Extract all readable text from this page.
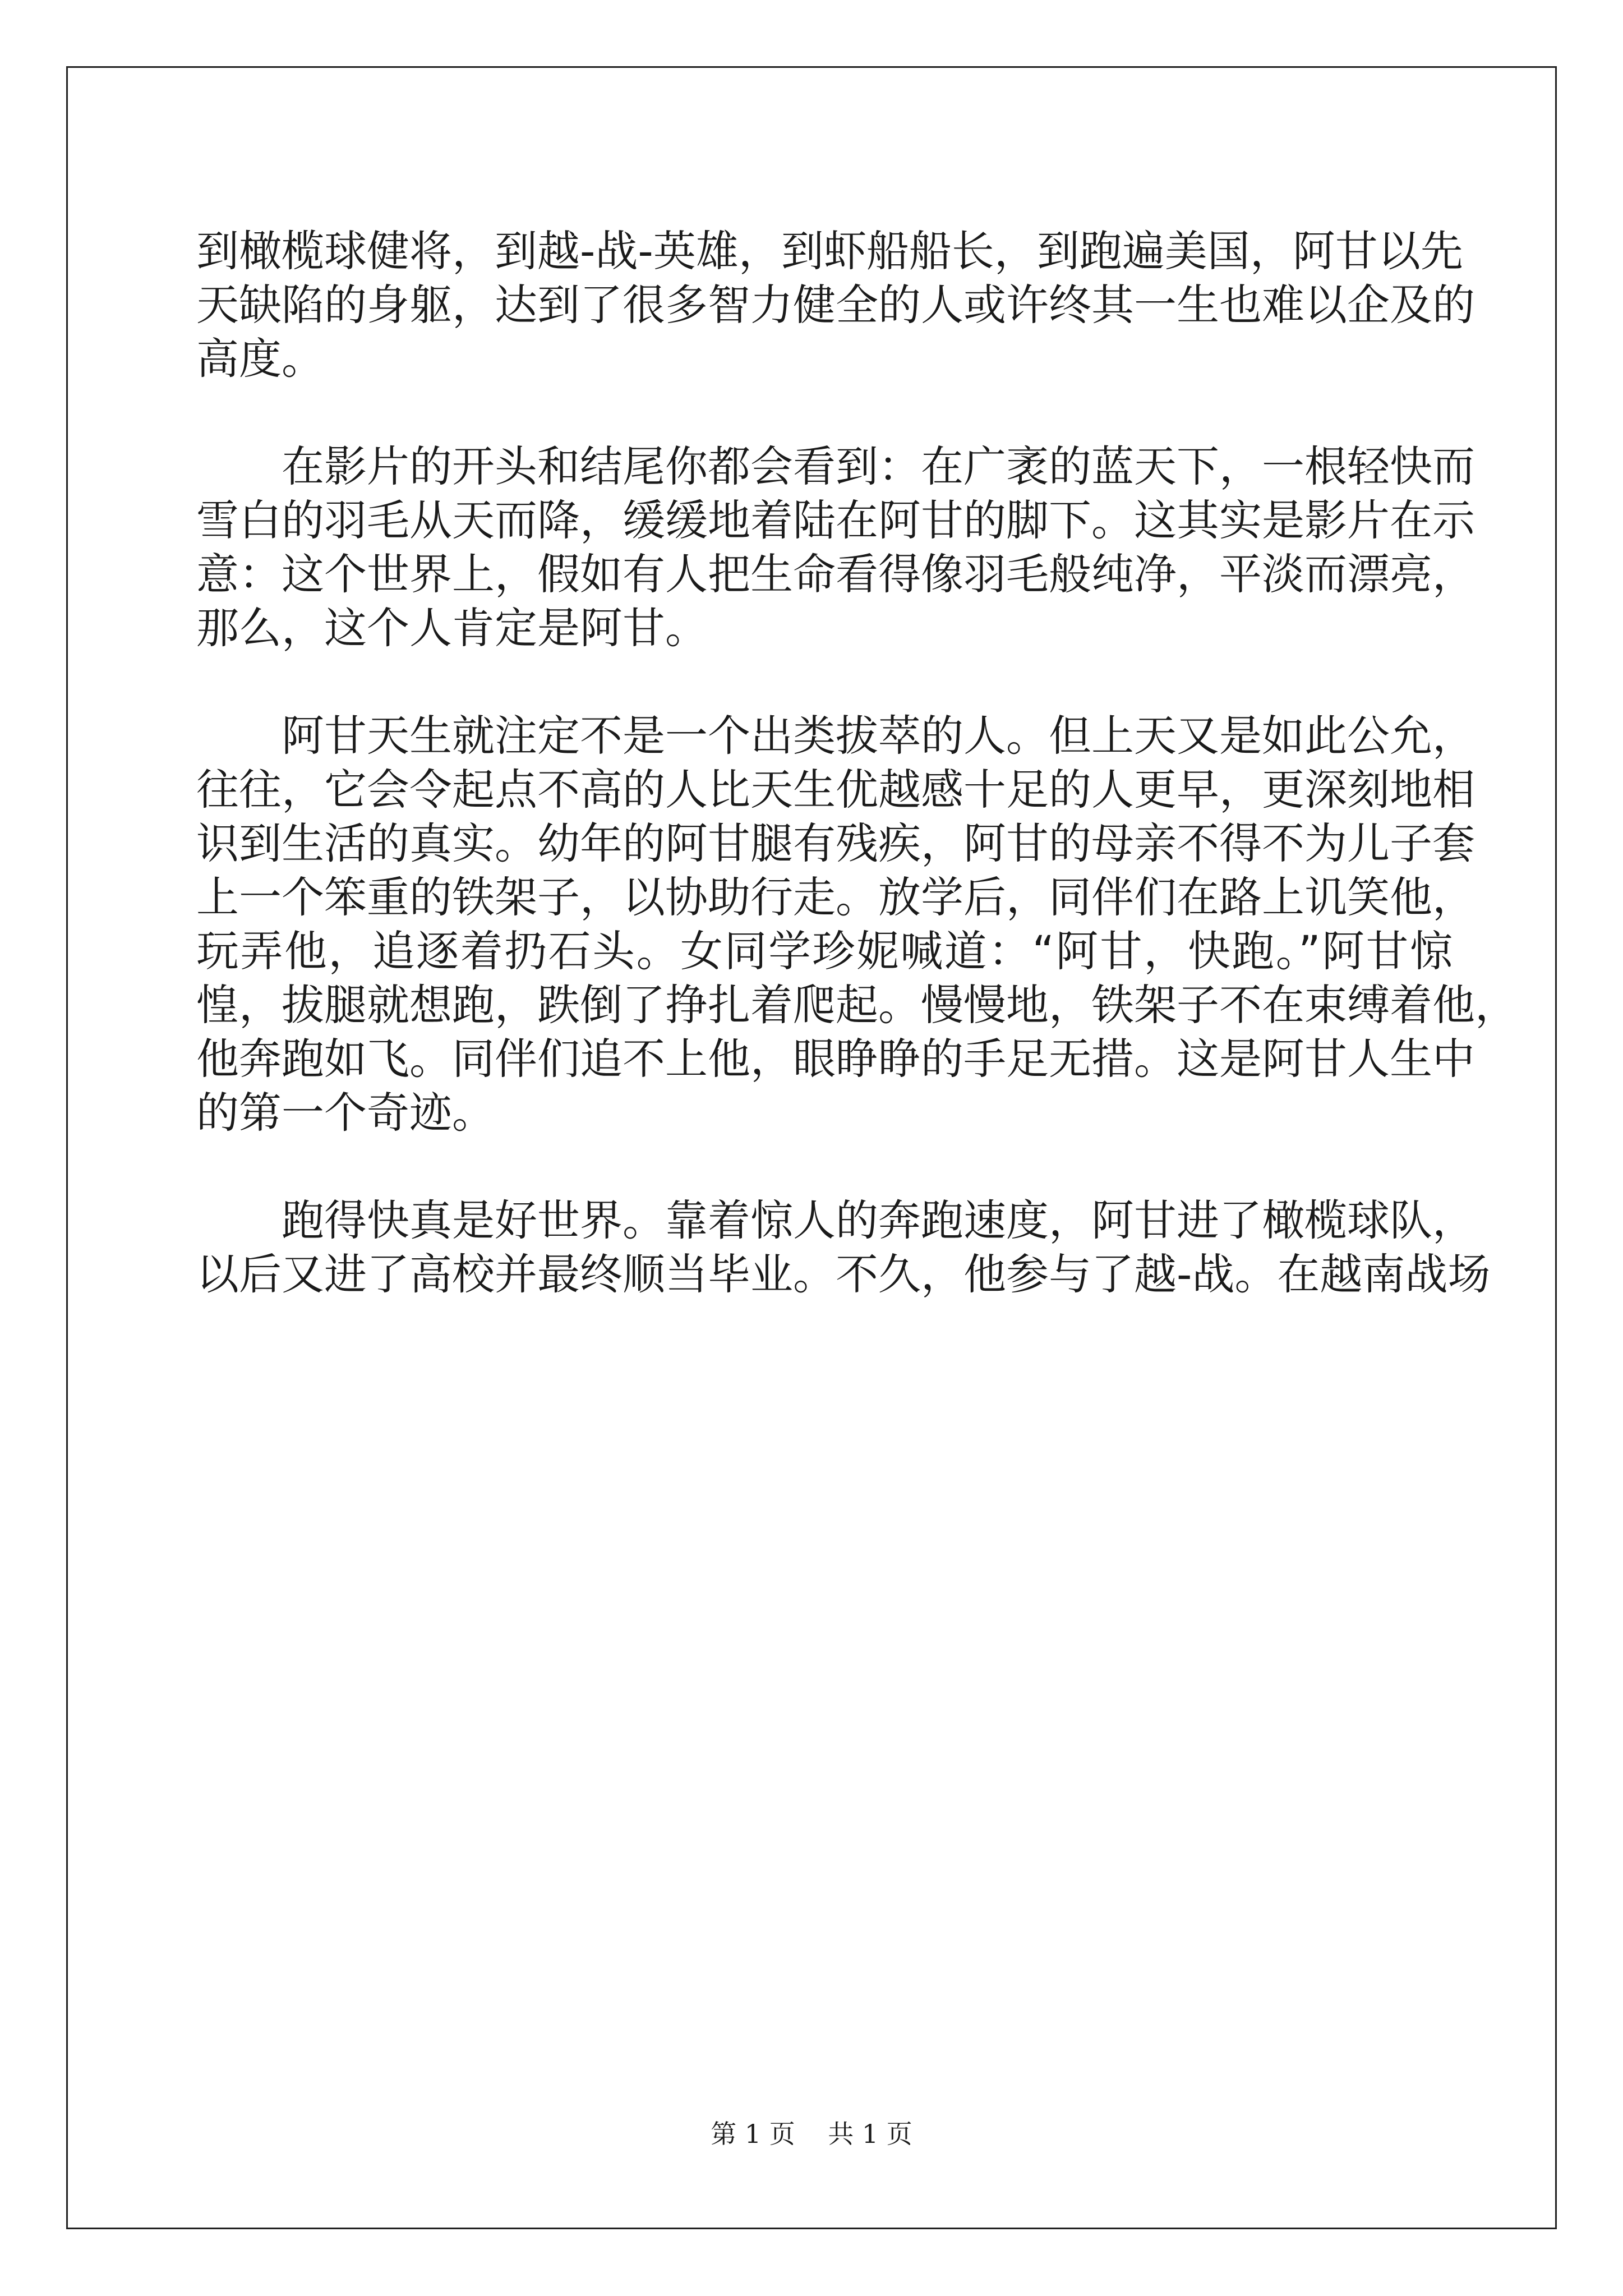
到橄榄球健将，到越-战-英雄，到虾船船长，到跑遍美国，阿甘以先
天缺陷的身躯，达到了很多智力健全的人或许终其一生也难以企及的
高度。
在影片的开头和结尾你都会看到：在广袤的蓝天下，一根轻快而
雪白的羽毛从天而降，缓缓地着陆在阿甘的脚下。这其实是影片在示
意：这个世界上，假如有人把生命看得像羽毛般纯净，平淡而漂亮，
那么，这个人肯定是阿甘。
阿甘天生就注定不是一个出类拔萃的人。但上天又是如此公允，
往往，它会令起点不高的人比天生优越感十足的人更早，更深刻地相
识到生活的真实。幼年的阿甘腿有残疾，阿甘的母亲不得不为儿子套
上一个笨重的铁架子，以协助行走。放学后，同伴们在路上讥笑他，
玩弄他，追逐着扔石头。女同学珍妮喊道：“阿甘，快跑。”阿甘惊
惶，拔腿就想跑，跌倒了挣扎着爬起。慢慢地，铁架子不在束缚着他，
他奔跑如飞。同伴们追不上他，眼睁睁的手足无措。这是阿甘人生中
的第一个奇迹。
跑得快真是好世界。靠着惊人的奔跑速度，阿甘进了橄榄球队，
以后又进了高校并最终顺当毕业。不久，他参与了越-战。在越南战场
第 1 页    共 1 页
